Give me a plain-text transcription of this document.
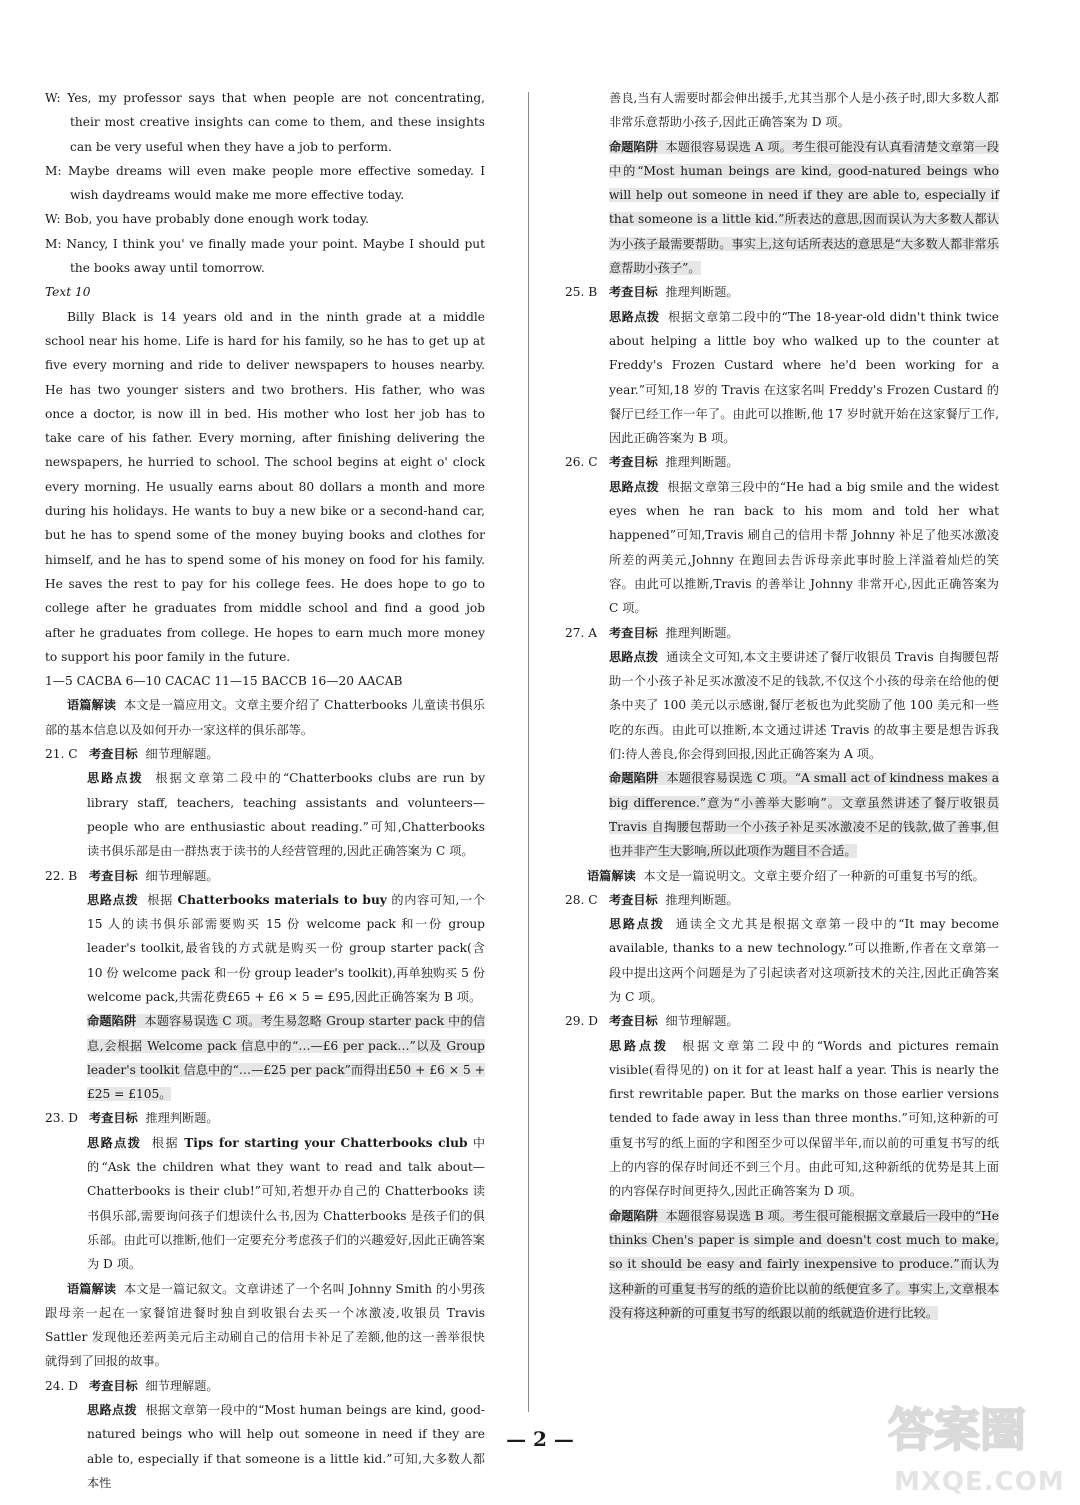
W: Yes, my professor says that when people are not concentrating, their most creative insights can come to them, and these insights can be very useful when they have a job to perform.

M: Maybe dreams will even make people more effective someday. I wish daydreams would make me more effective today.

W: Bob, you have probably done enough work today.

M: Nancy, I think you' ve finally made your point. Maybe I should put the books away until tomorrow.

Text 10

Billy Black is 14 years old and in the ninth grade at a middle school near his home. Life is hard for his family, so he has to get up at five every morning and ride to deliver newspapers to houses nearby. He has two younger sisters and two brothers. His father, who was once a doctor, is now ill in bed. His mother who lost her job has to take care of his father. Every morning, after finishing delivering the newspapers, he hurried to school. The school begins at eight o' clock every morning. He usually earns about 80 dollars a month and more during his holidays. He wants to buy a new bike or a second-hand car, but he has to spend some of the money buying books and clothes for himself, and he has to spend some of his money on food for his family. He saves the rest to pay for his college fees. He does hope to go to college after he graduates from middle school and find a good job after he graduates from college. He hopes to earn much more money to support his poor family in the future.

1—5 CACBA 6—10 CACAC 11—15 BACCB 16—20 AACAB

语篇解读 本文是一篇应用文。文章主要介绍了 Chatterbooks 儿童读书俱乐部的基本信息以及如何开办一家这样的俱乐部等。

21. C 考查目标
细节理解题。

思路点拨 根据文章第二段中的“Chatterbooks clubs are run by library staff, teachers, teaching assistants and volunteers—people who are enthusiastic about reading.”可知,Chatterbooks 读书俱乐部是由一群热衷于读书的人经营管理的,因此正确答案为 C 项。

22. B 考查目标
细节理解题。

思路点拨 根据 Chatterbooks materials to buy 的内容可知,一个 15 人的读书俱乐部需要购买 15 份 welcome pack 和一份 group leader's toolkit,最省钱的方式就是购买一份 group starter pack(含 10 份 welcome pack 和一份 group leader's toolkit),再单独购买 5 份 welcome pack,共需花费£65 + £6 × 5 = £95,因此正确答案为 B 项。

命题陷阱 本题容易误选 C 项。考生易忽略 Group starter pack 中的信息,会根据 Welcome pack 信息中的“…—£6 per pack…”以及 Group leader's toolkit 信息中的“…—£25 per pack”而得出£50 + £6 × 5 + £25 = £105。

23. D 考查目标
推理判断题。

思路点拨 根据 Tips for starting your Chatterbooks club 中的“Ask the children what they want to read and talk about—Chatterbooks is their club!”可知,若想开办自己的 Chatterbooks 读书俱乐部,需要询问孩子们想读什么书,因为 Chatterbooks 是孩子们的俱乐部。由此可以推断,他们一定要充分考虑孩子们的兴趣爱好,因此正确答案为 D 项。

语篇解读 本文是一篇记叙文。文章讲述了一个名叫 Johnny Smith 的小男孩跟母亲一起在一家餐馆进餐时独自到收银台去买一个冰激凌,收银员 Travis Sattler 发现他还差两美元后主动刷自己的信用卡补足了差额,他的这一善举很快就得到了回报的故事。

24. D 考查目标
细节理解题。

思路点拨 根据文章第一段中的“Most human beings are kind, good-natured beings who will help out someone in need if they are able to, especially if that someone is a little kid.”可知,大多数人都本性

善良,当有人需要时都会伸出援手,尤其当那个人是小孩子时,即大多数人都非常乐意帮助小孩子,因此正确答案为 D 项。

命题陷阱 本题很容易误选 A 项。考生很可能没有认真看清楚文章第一段中的“Most human beings are kind, good-natured beings who will help out someone in need if they are able to, especially if that someone is a little kid.”所表达的意思,因而误认为大多数人都认为小孩子最需要帮助。事实上,这句话所表达的意思是“大多数人都非常乐意帮助小孩子”。

25. B 考查目标
推理判断题。

思路点拨 根据文章第二段中的“The 18-year-old didn't think twice about helping a little boy who walked up to the counter at Freddy's Frozen Custard where he'd been working for a year.”可知,18 岁的 Travis 在这家名叫 Freddy's Frozen Custard 的餐厅已经工作一年了。由此可以推断,他 17 岁时就开始在这家餐厅工作,因此正确答案为 B 项。

26. C 考查目标
推理判断题。

思路点拨 根据文章第三段中的“He had a big smile and the widest eyes when he ran back to his mom and told her what happened”可知,Travis 刷自己的信用卡帮 Johnny 补足了他买冰激凌所差的两美元,Johnny 在跑回去告诉母亲此事时脸上洋溢着灿烂的笑容。由此可以推断,Travis 的善举让 Johnny 非常开心,因此正确答案为 C 项。

27. A 考查目标
推理判断题。

思路点拨 通读全文可知,本文主要讲述了餐厅收银员 Travis 自掏腰包帮助一个小孩子补足买冰激凌不足的钱款,不仅这个小孩的母亲在给他的便条中夹了 100 美元以示感谢,餐厅老板也为此奖励了他 100 美元和一些吃的东西。由此可以推断,本文通过讲述 Travis 的故事主要是想告诉我们:待人善良,你会得到回报,因此正确答案为 A 项。

命题陷阱 本题很容易误选 C 项。“A small act of kindness makes a big difference.”意为“小善举大影响”。文章虽然讲述了餐厅收银员 Travis 自掏腰包帮助一个小孩子补足买冰激凌不足的钱款,做了善事,但也并非产生大影响,所以此项作为题目不合适。

语篇解读 本文是一篇说明文。文章主要介绍了一种新的可重复书写的纸。

28. C 考查目标
推理判断题。

思路点拨 通读全文尤其是根据文章第一段中的“It may become available, thanks to a new technology.”可以推断,作者在文章第一段中提出这两个问题是为了引起读者对这项新技术的关注,因此正确答案为 C 项。

29. D 考查目标
细节理解题。

思路点拨 根据文章第二段中的“Words and pictures remain visible(看得见的) on it for at least half a year. This is nearly the first rewritable paper. But the marks on those earlier versions tended to fade away in less than three months.”可知,这种新的可重复书写的纸上面的字和图至少可以保留半年,而以前的可重复书写的纸上的内容的保存时间还不到三个月。由此可知,这种新纸的优势是其上面的内容保存时间更持久,因此正确答案为 D 项。

命题陷阱 本题很容易误选 B 项。考生很可能根据文章最后一段中的“He thinks Chen's paper is simple and doesn't cost much to make, so it should be easy and fairly inexpensive to produce.”而认为这种新的可重复书写的纸的造价比以前的纸便宜多了。事实上,文章根本没有将这种新的可重复书写的纸跟以前的纸就造价进行比较。

— 2 —	答案圈
MXQE.COM
